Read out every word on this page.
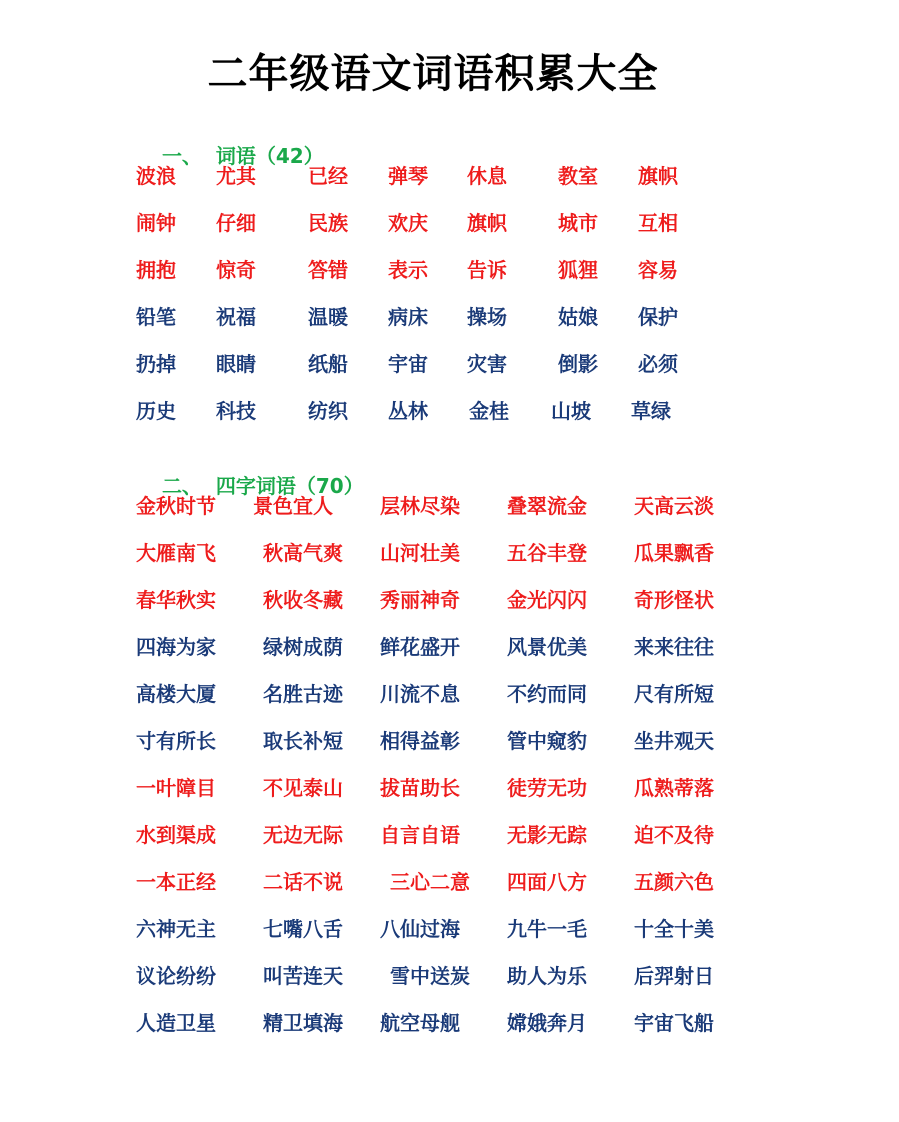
二年级语文词语积累大全

一、 词语（42）

二、 四字词语（70）

波浪 尤其	已经 弹琴 休息	教室 旗帜
闹钟 仔细	民族 欢庆 旗帜	城市 互相
拥抱 惊奇	答错 表示 告诉	狐狸 容易
铅笔 祝福	温暖 病床 操场	姑娘 保护
扔掉 眼睛	纸船 宇宙 灾害	倒影 必须
历史 科技	纺织 丛林 金桂 山坡 草绿
金秋时节 景色宜人 层林尽染 叠翠流金 天高云淡
大雁南飞 秋高气爽 山河壮美 五谷丰登 瓜果飘香
春华秋实 秋收冬藏 秀丽神奇 金光闪闪 奇形怪状
四海为家 绿树成荫 鲜花盛开 风景优美 来来往往
高楼大厦 名胜古迹 川流不息 不约而同 尺有所短
寸有所长 取长补短 相得益彰 管中窥豹 坐井观天
一叶障目 不见泰山 拔苗助长 徒劳无功 瓜熟蒂落
水到渠成 无边无际 自言自语 无影无踪 迫不及待
一本正经 二话不说 三心二意 四面八方 五颜六色
六神无主 七嘴八舌 八仙过海 九牛一毛 十全十美
议论纷纷 叫苦连天 雪中送炭 助人为乐 后羿射日
人造卫星 精卫填海 航空母舰 嫦娥奔月 宇宙飞船
